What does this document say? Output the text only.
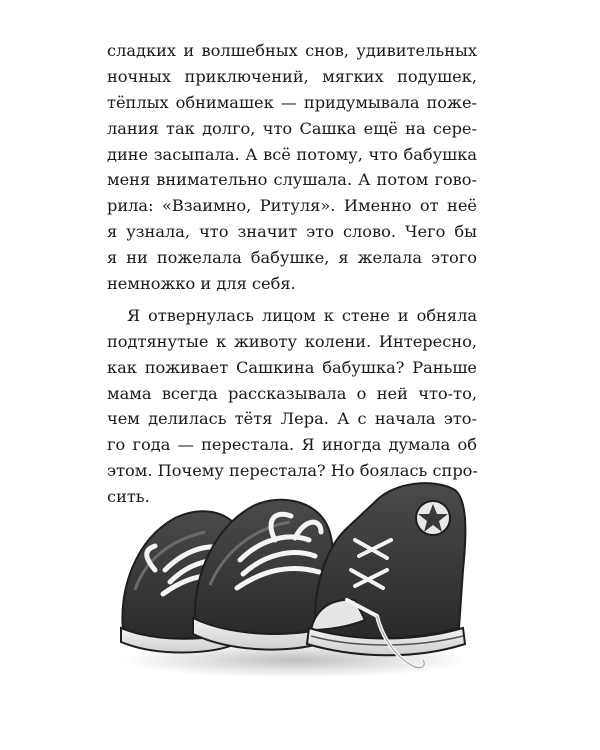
сладких и волшебных снов, удивительных
ночных приключений, мягких подушек,
тёплых обнимашек — придумывала поже-
лания так долго, что Сашка ещё на сере-
дине засыпала. А всё потому, что бабушка
меня внимательно слушала. А потом гово-
рила: «Взаимно, Ритуля». Именно от неё
я узнала, что значит это слово. Чего бы
я ни пожелала бабушке, я желала этого
немножко и для себя.
Я отвернулась лицом к стене и обняла
подтянутые к животу колени. Интересно,
как поживает Сашкина бабушка? Раньше
мама всегда рассказывала о ней что-то,
чем делилась тётя Лера. А с начала это-
го года — перестала. Я иногда думала об
этом. Почему перестала? Но боялась спро-
сить.
